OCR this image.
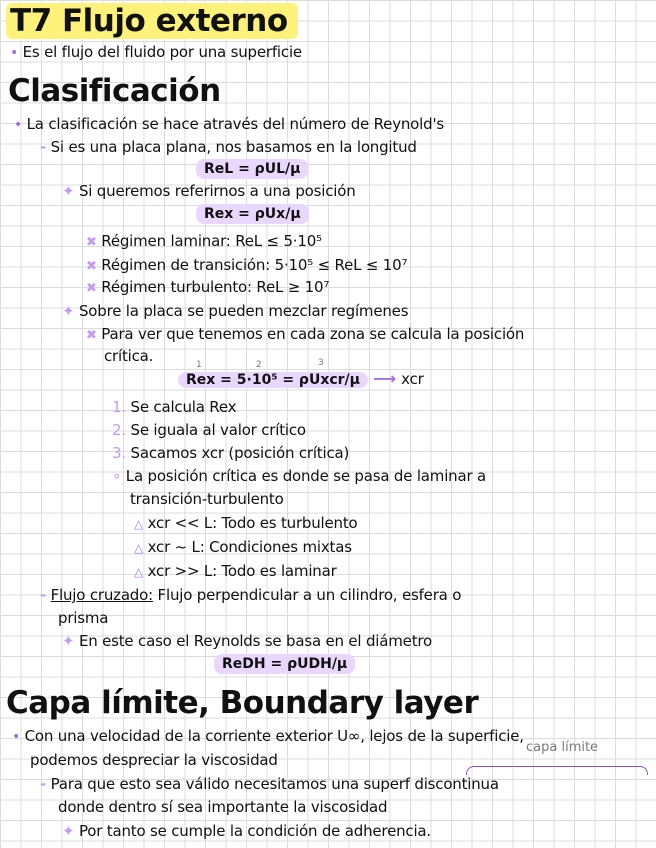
T7 Flujo externo
• Es el flujo del fluido por una superficie
Clasificación
• La clasificación se hace através del número de Reynold's
- Si es una placa plana, nos basamos en la longitud
ReL = ρUL/μ
✦ Si queremos referirnos a una posición
Rex = ρUx/μ
✖ Régimen laminar: ReL ≤ 5·10⁵
✖ Régimen de transición: 5·10⁵ ≤ ReL ≤ 10⁷
✖ Régimen turbulento: ReL ≥ 10⁷
✦ Sobre la placa se pueden mezclar regímenes
✖ Para ver que tenemos en cada zona se calcula la posición
crítica.	1	2	3
Rex = 5·10⁵ = ρUxcr/μ ⟶ xcr
1. Se calcula Rex
2. Se iguala al valor crítico
3. Sacamos xcr (posición crítica)
∘ La posición crítica es donde se pasa de laminar a
transición-turbulento
△ xcr << L: Todo es turbulento
△ xcr ~ L: Condiciones mixtas
△ xcr >> L: Todo es laminar
- Flujo cruzado: Flujo perpendicular a un cilindro, esfera o
prisma
✦ En este caso el Reynolds se basa en el diámetro
ReDH = ρUDH/μ
Capa límite, Boundary layer
• Con una velocidad de la corriente exterior U∞, lejos de la superficie,
podemos despreciar la viscosidad
capa límite
- Para que esto sea válido necesitamos una superf discontinua
donde dentro sí sea importante la viscosidad
✦ Por tanto se cumple la condición de adherencia.
